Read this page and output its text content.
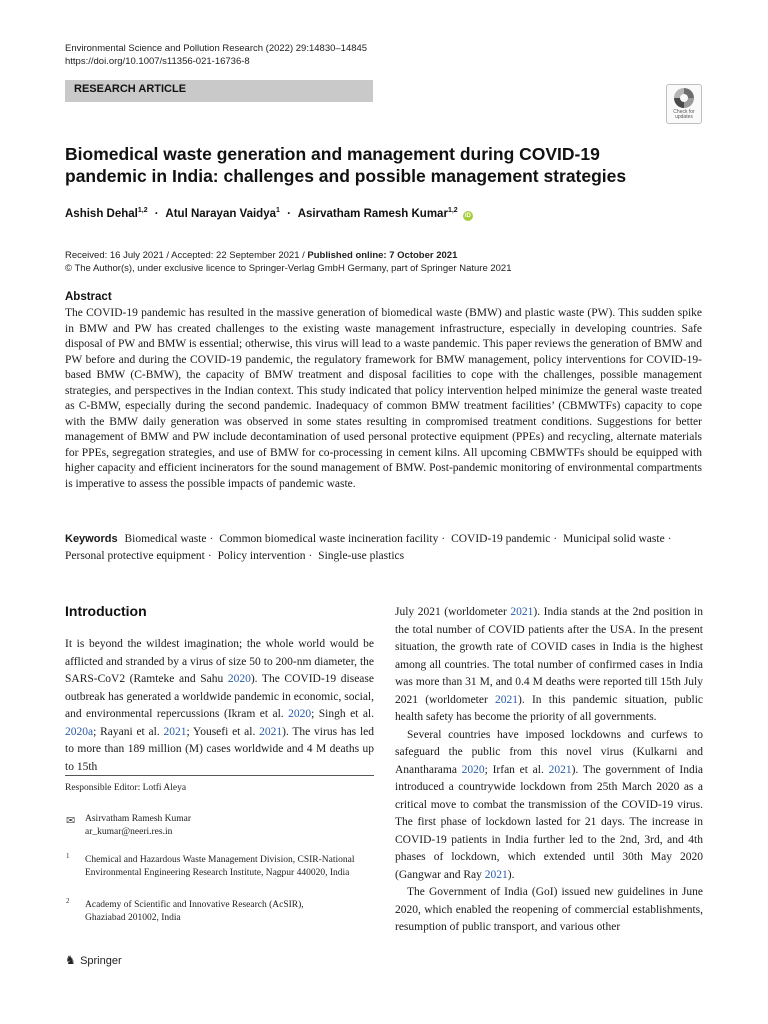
Environmental Science and Pollution Research (2022) 29:14830–14845
https://doi.org/10.1007/s11356-021-16736-8
RESEARCH ARTICLE
Check for updates
Biomedical waste generation and management during COVID-19 pandemic in India: challenges and possible management strategies
Ashish Dehal$^{1,2}$ · Atul Narayan Vaidya$^1$ · Asirvatham Ramesh Kumar$^{1,2}$ iD
Received: 16 July 2021 / Accepted: 22 September 2021 / Published online: 7 October 2021
© The Author(s), under exclusive licence to Springer-Verlag GmbH Germany, part of Springer Nature 2021
Abstract
The COVID-19 pandemic has resulted in the massive generation of biomedical waste (BMW) and plastic waste (PW). This sudden spike in BMW and PW has created challenges to the existing waste management infrastructure, especially in developing countries. Safe disposal of PW and BMW is essential; otherwise, this virus will lead to a waste pandemic. This paper reviews the generation of BMW and PW before and during the COVID-19 pandemic, the regulatory framework for BMW management, policy interventions for COVID-19-based BMW (C-BMW), the capacity of BMW treatment and disposal facilities to cope with the challenges, possible management strategies, and perspectives in the Indian context. This study indicated that policy intervention helped minimize the general waste treated as C-BMW, especially during the second pandemic. Inadequacy of common BMW treatment facilities’ (CBMWTFs) capacity to cope with the BMW daily generation was observed in some states resulting in compromised treatment conditions. Suggestions for better management of BMW and PW include decontamination of used personal protective equipment (PPEs) and recycling, alternate materials for PPEs, segregation strategies, and use of BMW for co-processing in cement kilns. All upcoming CBMWTFs should be equipped with higher capacity and efficient incinerators for the sound management of BMW. Post-pandemic monitoring of environmental compartments is imperative to assess the possible impacts of pandemic waste.
Keywords Biomedical waste · Common biomedical waste incineration facility · COVID-19 pandemic · Municipal solid waste · Personal protective equipment · Policy intervention · Single-use plastics
Introduction

It is beyond the wildest imagination; the whole world would be afflicted and stranded by a virus of size 50 to 200-nm diameter, the SARS-CoV2 (Ramteke and Sahu 2020). The COVID-19 disease outbreak has generated a worldwide pandemic in economic, social, and environmental repercussions (Ikram et al. 2020; Singh et al. 2020a; Rayani et al. 2021; Yousefi et al. 2021). The virus has led to more than 189 million (M) cases worldwide and 4 M deaths up to 15th

July 2021 (worldometer 2021). India stands at the 2nd position in the total number of COVID patients after the USA. In the present situation, the growth rate of COVID cases in India is the highest among all countries. The total number of confirmed cases in India was more than 31 M, and 0.4 M deaths were reported till 15th July 2021 (worldometer 2021). In this pandemic situation, public health safety has become the priority of all governments.

Several countries have imposed lockdowns and curfews to safeguard the public from this novel virus (Kulkarni and Anantharama 2020; Irfan et al. 2021). The government of India introduced a countrywide lockdown from 25th March 2020 as a critical move to combat the transmission of the COVID-19 virus. The first phase of lockdown lasted for 21 days. The increase in COVID-19 patients in India further led to the 2nd, 3rd, and 4th phases of lockdown, which extended until 30th May 2020 (Gangwar and Ray 2021).

The Government of India (GoI) issued new guidelines in June 2020, which enabled the reopening of commercial establishments, resumption of public transport, and various other

Responsible Editor: Lotfi Aleya
✉ Asirvatham Ramesh Kumar
ar_kumar@neeri.res.in
1 Chemical and Hazardous Waste Management Division, CSIR-National Environmental Engineering Research Institute, Nagpur 440020, India
2 Academy of Scientific and Innovative Research (AcSIR), Ghaziabad 201002, India
♞ Springer
